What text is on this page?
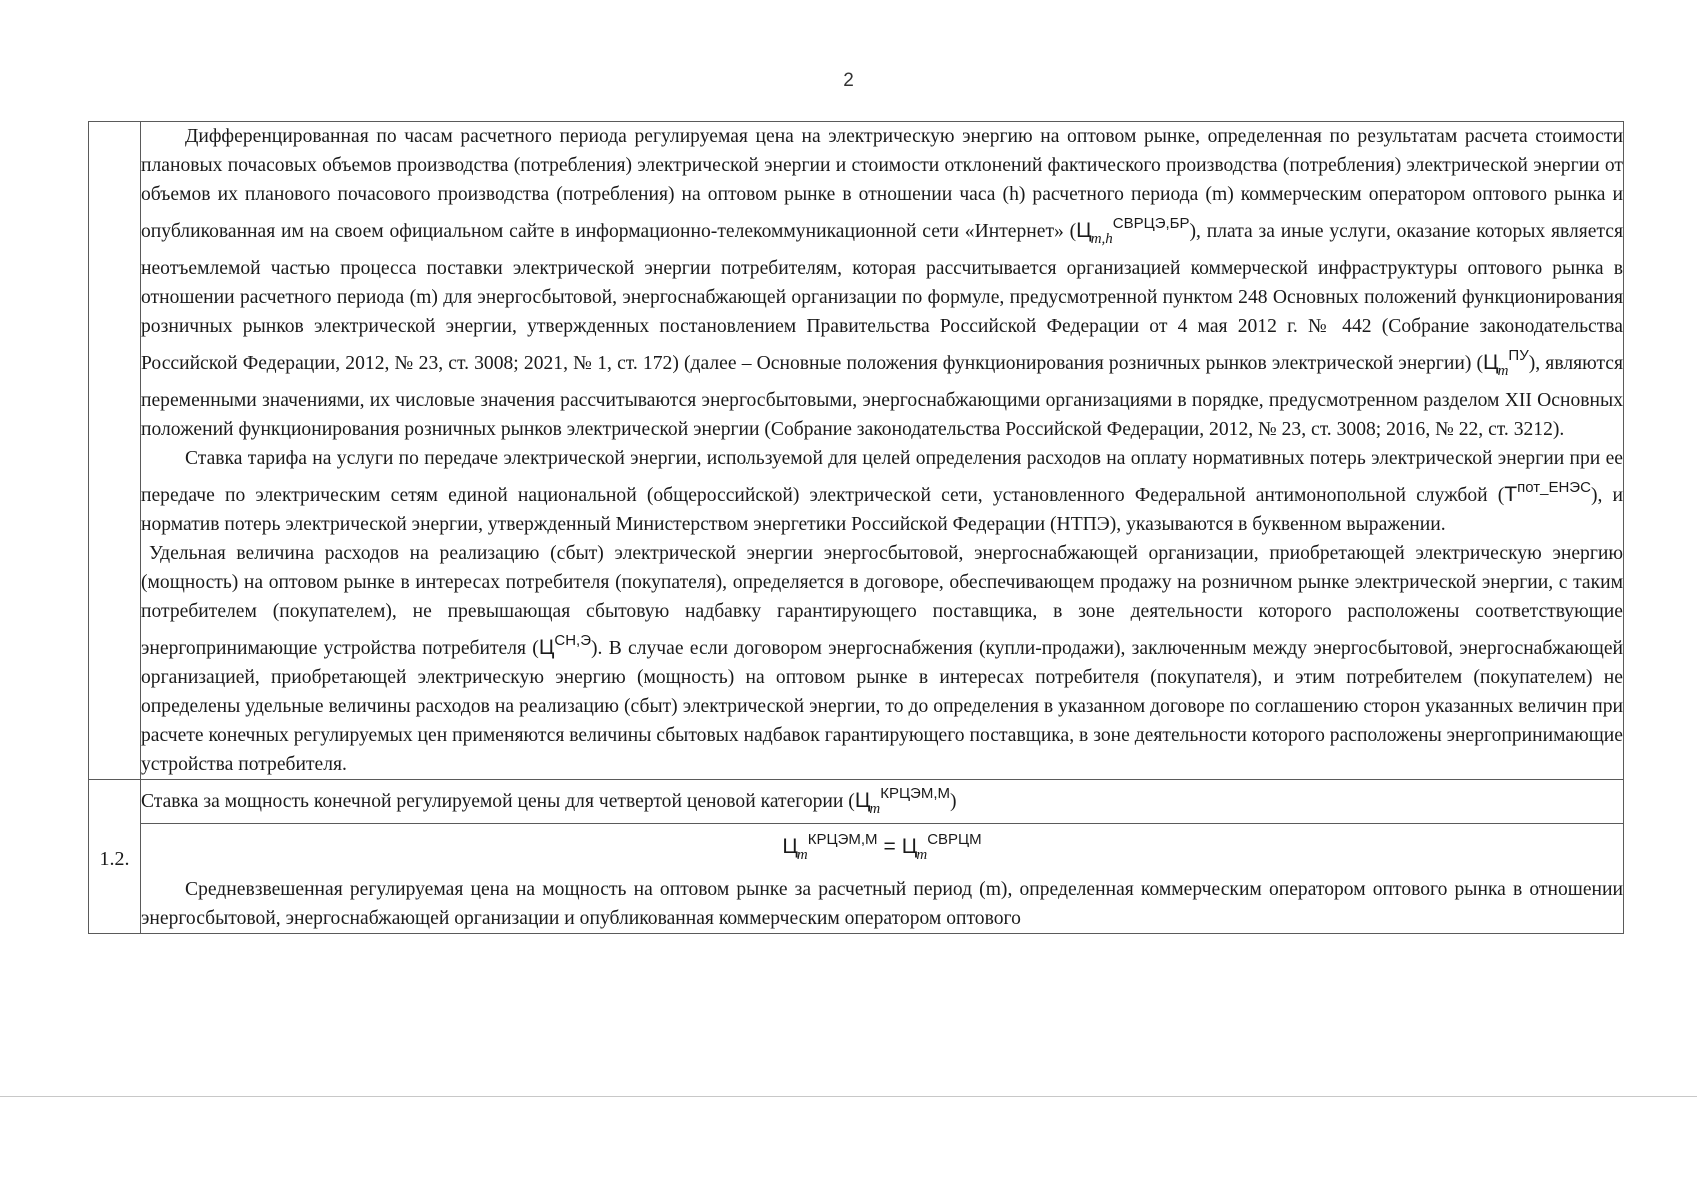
2

	Дифференцированная по часам расчетного периода регулируемая цена на электрическую энергию на оптовом рынке, определенная по результатам расчета стоимости плановых почасовых объемов производства (потребления) электрической энергии и стоимости отклонений фактического производства (потребления) электрической энергии от объемов их планового почасового производства (потребления) на оптовом рынке в отношении часа (h) расчетного периода (m) коммерческим оператором оптового рынка и опубликованная им на своем официальном сайте в информационно-телекоммуникационной сети «Интернет» $(Ц_{m,h}^{СВРЦЭ,БР})$, плата за иные услуги, оказание которых является неотъемлемой частью процесса поставки электрической энергии потребителям, которая рассчитывается организацией коммерческой инфраструктуры оптового рынка в отношении расчетного периода (m) для энергосбытовой, энергоснабжающей организации по формуле, предусмотренной пунктом 248 Основных положений функционирования розничных рынков электрической энергии, утвержденных постановлением Правительства Российской Федерации от 4 мая 2012 г. № 442 (Собрание законодательства Российской Федерации, 2012, № 23, ст. 3008; 2021, № 1, ст. 172) (далее – Основные положения функционирования розничных рынков электрической энергии) $(Ц_m^{ПУ})$, являются переменными значениями, их числовые значения рассчитываются энергосбытовыми, энергоснабжающими организациями в порядке, предусмотренном разделом XII Основных положений функционирования розничных рынков электрической энергии (Собрание законодательства Российской Федерации, 2012, № 23, ст. 3008; 2016, № 22, ст. 3212).

Ставка тарифа на услуги по передаче электрической энергии, используемой для целей определения расходов на оплату нормативных потерь электрической энергии при ее передаче по электрическим сетям единой национальной (общероссийской) электрической сети, установленного Федеральной антимонопольной службой $(Т^{пот\_ЕНЭС})$, и норматив потерь электрической энергии, утвержденный Министерством энергетики Российской Федерации (НТПЭ), указываются в буквенном выражении.

Удельная величина расходов на реализацию (сбыт) электрической энергии энергосбытовой, энергоснабжающей организации, приобретающей электрическую энергию (мощность) на оптовом рынке в интересах потребителя (покупателя), определяется в договоре, обеспечивающем продажу на розничном рынке электрической энергии, с таким потребителем (покупателем), не превышающая сбытовую надбавку гарантирующего поставщика, в зоне деятельности которого расположены соответствующие энергопринимающие устройства потребителя $(Ц^{СН,Э})$. В случае если договором энергоснабжения (купли-продажи), заключенным между энергосбытовой, энергоснабжающей организацией, приобретающей электрическую энергию (мощность) на оптовом рынке в интересах потребителя (покупателя), и этим потребителем (покупателем) не определены удельные величины расходов на реализацию (сбыт) электрической энергии, то до определения в указанном договоре по соглашению сторон указанных величин при расчете конечных регулируемых цен применяются величины сбытовых надбавок гарантирующего поставщика, в зоне деятельности которого расположены энергопринимающие устройства потребителя.

1.2.	Ставка за мощность конечной регулируемой цены для четвертой ценовой категории $(Ц_m^{КРЦЭМ,М})$

	$Ц_m^{КРЦЭМ,М} = Ц_m^{СВРЦМ}$

Средневзвешенная регулируемая цена на мощность на оптовом рынке за расчетный период (m), определенная коммерческим оператором оптового рынка в отношении энергосбытовой, энергоснабжающей организации и опубликованная коммерческим оператором оптового
